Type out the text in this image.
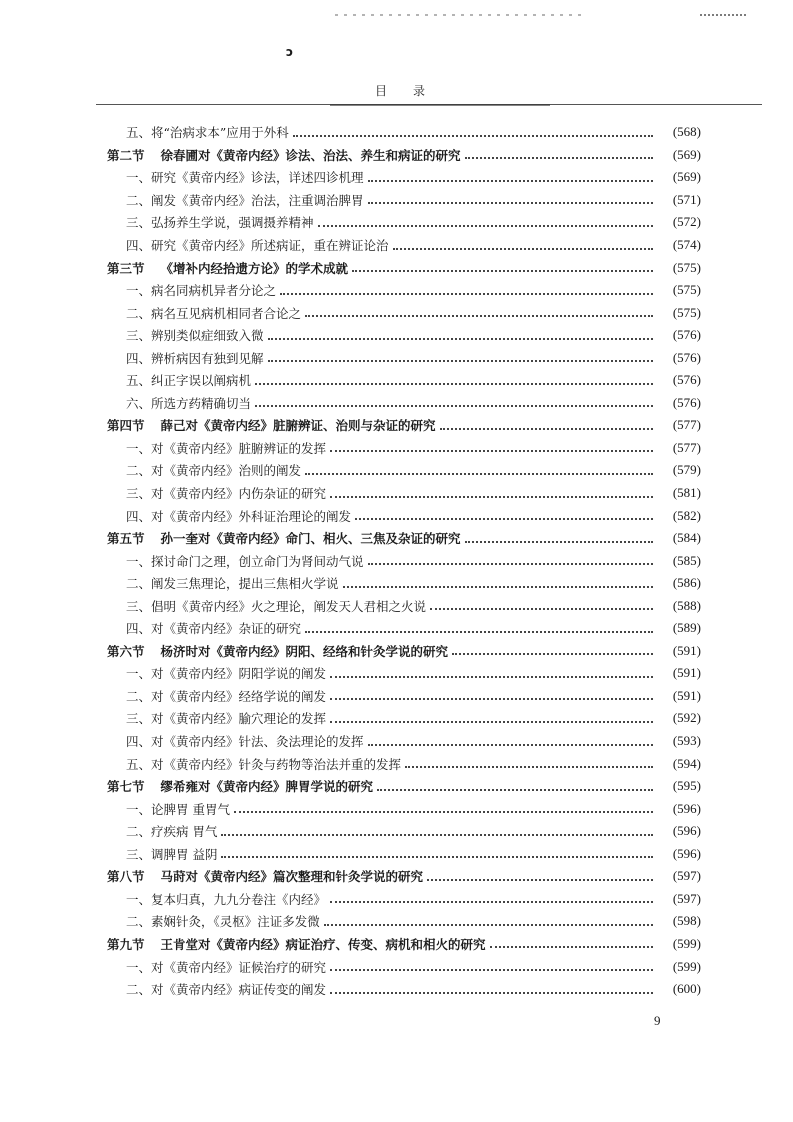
ↄ
目录
五、将“治病求本”应用于外科	(568)
第二节 徐春圃对《黄帝内经》诊法、治法、养生和病证的研究	(569)
一、研究《黄帝内经》诊法，详述四诊机理	(569)
二、阐发《黄帝内经》治法，注重调治脾胃	(571)
三、弘扬养生学说，强调摄养精神	(572)
四、研究《黄帝内经》所述病证，重在辨证论治	(574)
第三节 《增补内经拾遗方论》的学术成就	(575)
一、病名同病机异者分论之	(575)
二、病名互见病机相同者合论之	(575)
三、辨别类似症细致入微	(576)
四、辨析病因有独到见解	(576)
五、纠正字误以阐病机	(576)
六、所选方药精确切当	(576)
第四节 薛己对《黄帝内经》脏腑辨证、治则与杂证的研究	(577)
一、对《黄帝内经》脏腑辨证的发挥	(577)
二、对《黄帝内经》治则的阐发	(579)
三、对《黄帝内经》内伤杂证的研究	(581)
四、对《黄帝内经》外科证治理论的阐发	(582)
第五节 孙一奎对《黄帝内经》命门、相火、三焦及杂证的研究	(584)
一、探讨命门之理，创立命门为肾间动气说	(585)
二、阐发三焦理论，提出三焦相火学说	(586)
三、倡明《黄帝内经》火之理论，阐发天人君相之火说	(588)
四、对《黄帝内经》杂证的研究	(589)
第六节 杨济时对《黄帝内经》阴阳、经络和针灸学说的研究	(591)
一、对《黄帝内经》阴阳学说的阐发	(591)
二、对《黄帝内经》经络学说的阐发	(591)
三、对《黄帝内经》腧穴理论的发挥	(592)
四、对《黄帝内经》针法、灸法理论的发挥	(593)
五、对《黄帝内经》针灸与药物等治法并重的发挥	(594)
第七节 缪希雍对《黄帝内经》脾胃学说的研究	(595)
一、论脾胃 重胃气	(596)
二、疗疾病 胃气	(596)
三、调脾胃 益阴	(596)
第八节 马莳对《黄帝内经》篇次整理和针灸学说的研究	(597)
一、复本归真，九九分卷注《内经》	(597)
二、素娴针灸，《灵枢》注证多发微	(598)
第九节 王肯堂对《黄帝内经》病证治疗、传变、病机和相火的研究	(599)
一、对《黄帝内经》证候治疗的研究	(599)
二、对《黄帝内经》病证传变的阐发	(600)
9
